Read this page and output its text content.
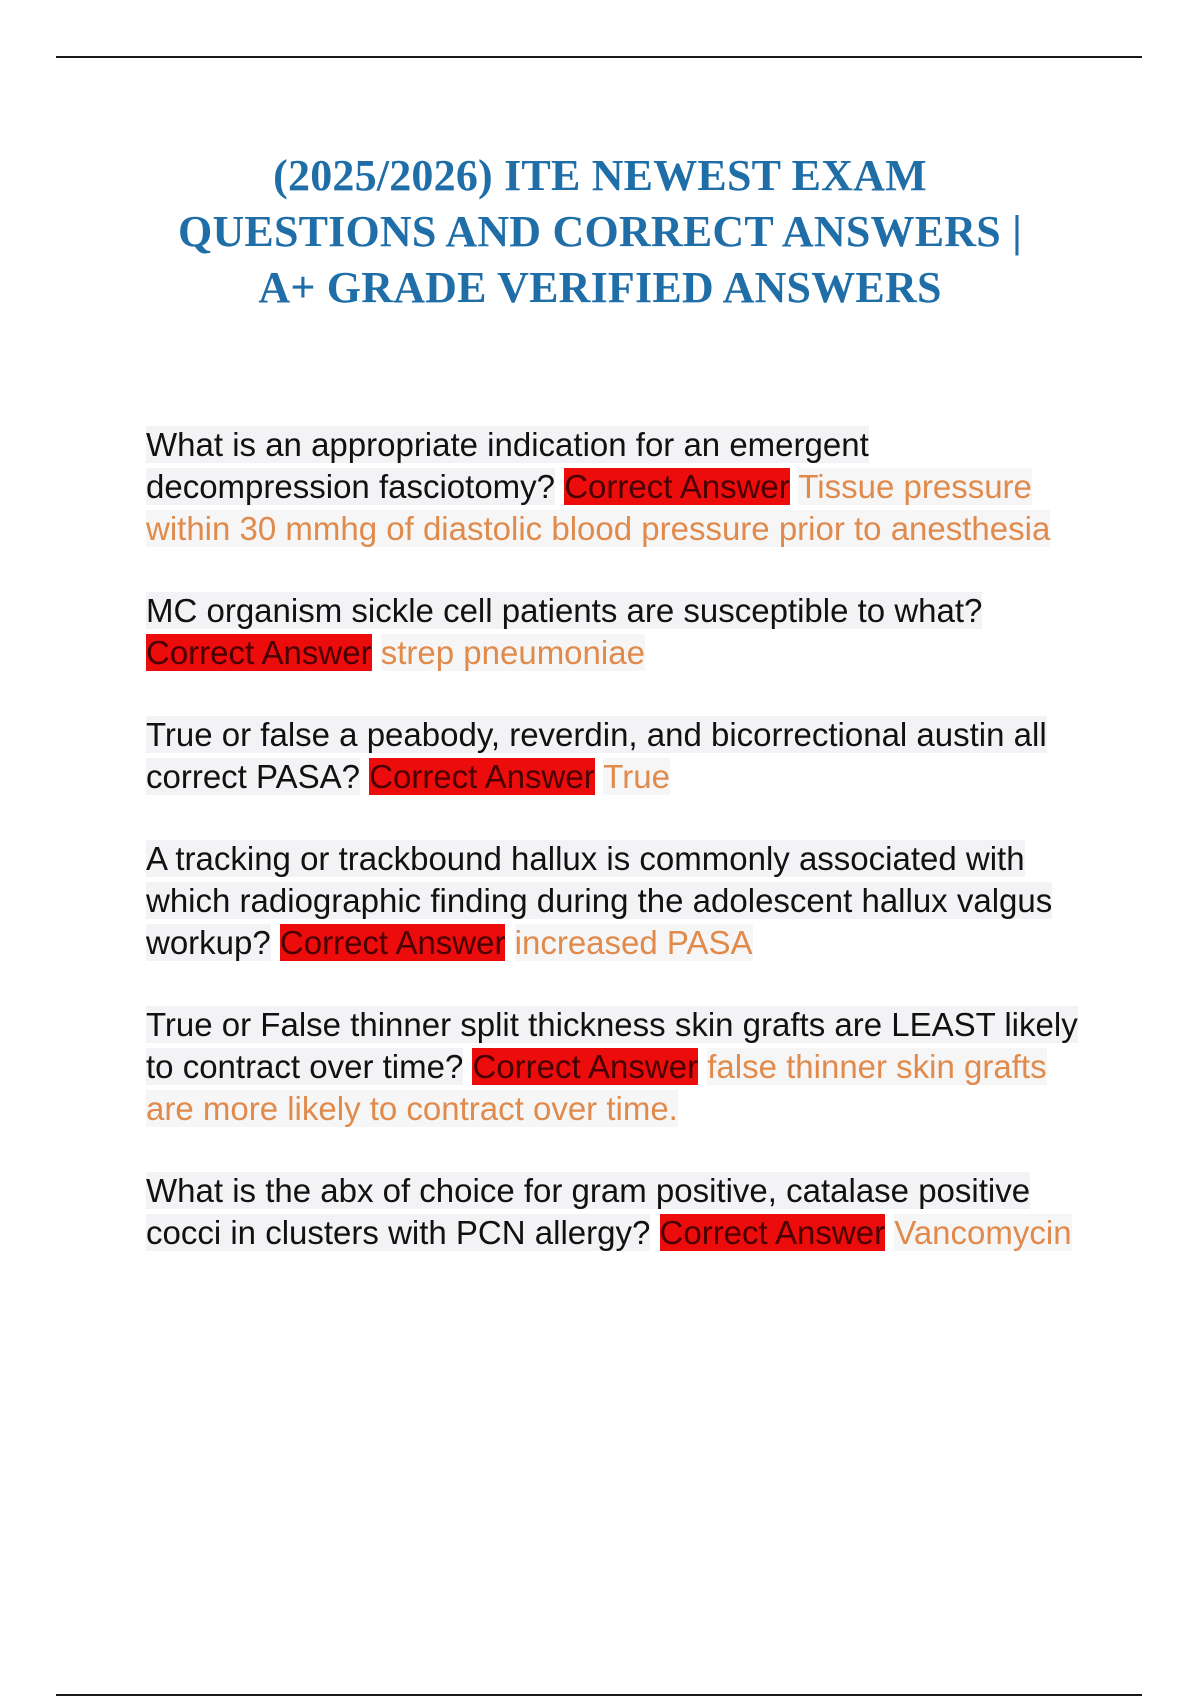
(2025/2026) ITE NEWEST EXAM
QUESTIONS AND CORRECT ANSWERS |
A+ GRADE VERIFIED ANSWERS
What is an appropriate indication for an emergent decompression fasciotomy? Correct Answer Tissue pressure within 30 mmhg of diastolic blood pressure prior to anesthesia
MC organism sickle cell patients are susceptible to what? Correct Answer strep pneumoniae
True or false a peabody, reverdin, and bicorrectional austin all correct PASA? Correct Answer True
A tracking or trackbound hallux is commonly associated with which radiographic finding during the adolescent hallux valgus workup? Correct Answer increased PASA
True or False thinner split thickness skin grafts are LEAST likely to contract over time? Correct Answer false thinner skin grafts are more likely to contract over time.
What is the abx of choice for gram positive, catalase positive cocci in clusters with PCN allergy? Correct Answer Vancomycin
